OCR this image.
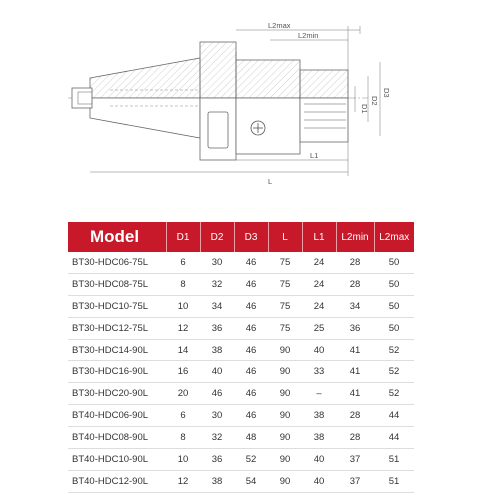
L2max
L2min
D1
D2
D3
L1
L
Model	D1	D2	D3	L	L1	L2min	L2max
BT30-HDC06-75L	6	30	46	75	24	28	50
BT30-HDC08-75L	8	32	46	75	24	28	50
BT30-HDC10-75L	10	34	46	75	24	34	50
BT30-HDC12-75L	12	36	46	75	25	36	50
BT30-HDC14-90L	14	38	46	90	40	41	52
BT30-HDC16-90L	16	40	46	90	33	41	52
BT30-HDC20-90L	20	46	46	90	–	41	52
BT40-HDC06-90L	6	30	46	90	38	28	44
BT40-HDC08-90L	8	32	48	90	38	28	44
BT40-HDC10-90L	10	36	52	90	40	37	51
BT40-HDC12-90L	12	38	54	90	40	37	51
